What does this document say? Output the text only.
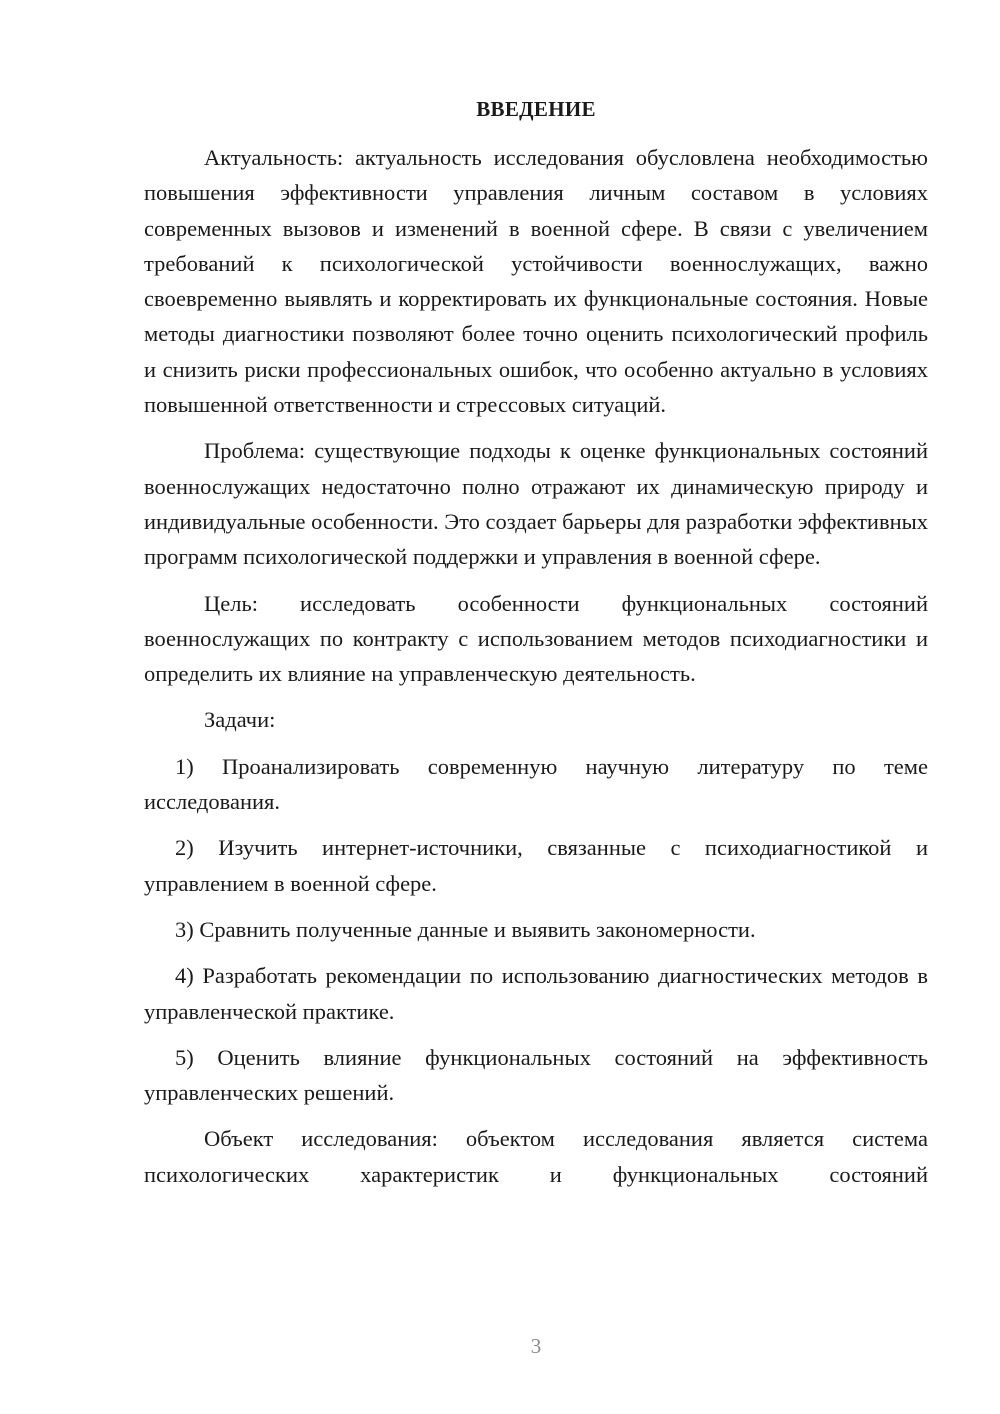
ВВЕДЕНИЕ

Актуальность: актуальность исследования обусловлена необходимостью повышения эффективности управления личным составом в условиях современных вызовов и изменений в военной сфере. В связи с увеличением требований к психологической устойчивости военнослужащих, важно своевременно выявлять и корректировать их функциональные состояния. Новые методы диагностики позволяют более точно оценить психологический профиль и снизить риски профессиональных ошибок, что особенно актуально в условиях повышенной ответственности и стрессовых ситуаций.

Проблема: существующие подходы к оценке функциональных состояний военнослужащих недостаточно полно отражают их динамическую природу и индивидуальные особенности. Это создает барьеры для разработки эффективных программ психологической поддержки и управления в военной сфере.

Цель: исследовать особенности функциональных состояний военнослужащих по контракту с использованием методов психодиагностики и определить их влияние на управленческую деятельность.

Задачи:

1) Проанализировать современную научную литературу по теме исследования.

2) Изучить интернет-источники, связанные с психодиагностикой и управлением в военной сфере.

3) Сравнить полученные данные и выявить закономерности.

4) Разработать рекомендации по использованию диагностических методов в управленческой практике.

5) Оценить влияние функциональных состояний на эффективность управленческих решений.

Объект исследования: объектом исследования является система психологических характеристик и функциональных состояний

3
